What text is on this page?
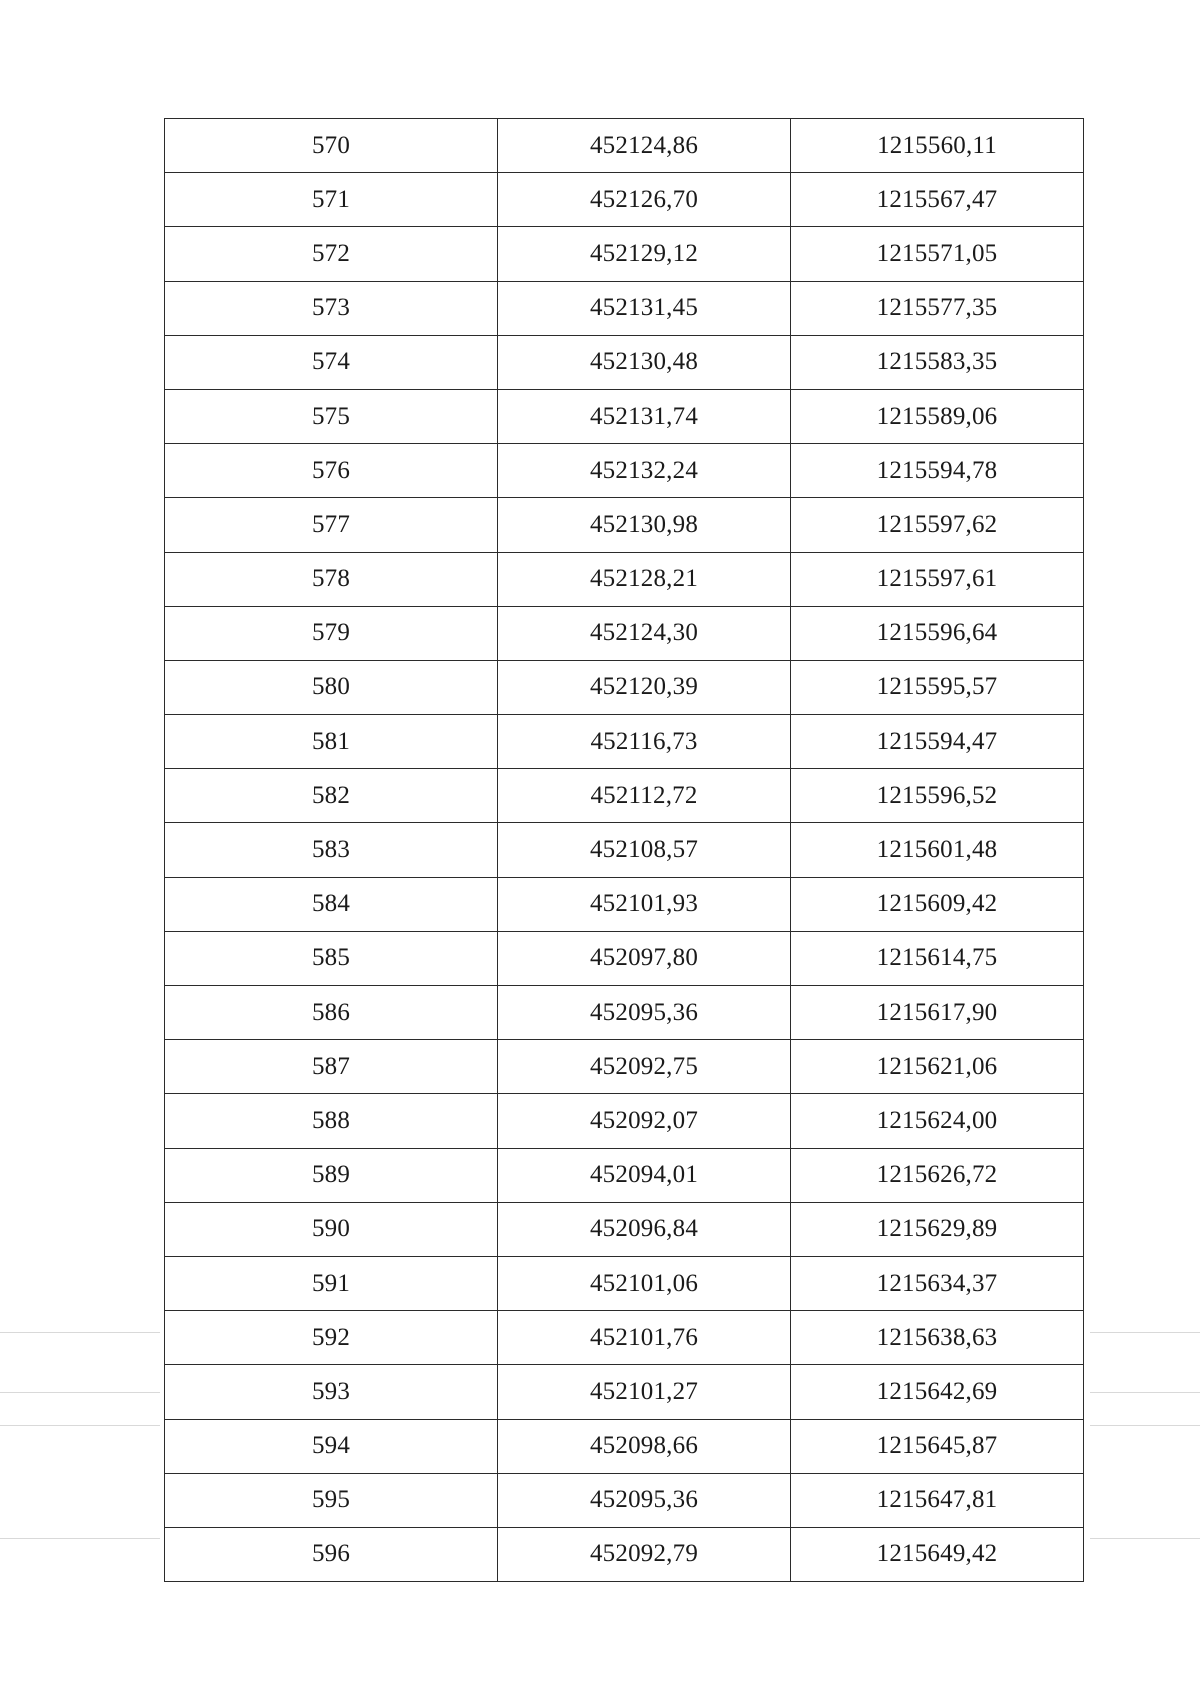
570	452124,86	1215560,11
571	452126,70	1215567,47
572	452129,12	1215571,05
573	452131,45	1215577,35
574	452130,48	1215583,35
575	452131,74	1215589,06
576	452132,24	1215594,78
577	452130,98	1215597,62
578	452128,21	1215597,61
579	452124,30	1215596,64
580	452120,39	1215595,57
581	452116,73	1215594,47
582	452112,72	1215596,52
583	452108,57	1215601,48
584	452101,93	1215609,42
585	452097,80	1215614,75
586	452095,36	1215617,90
587	452092,75	1215621,06
588	452092,07	1215624,00
589	452094,01	1215626,72
590	452096,84	1215629,89
591	452101,06	1215634,37
592	452101,76	1215638,63
593	452101,27	1215642,69
594	452098,66	1215645,87
595	452095,36	1215647,81
596	452092,79	1215649,42
